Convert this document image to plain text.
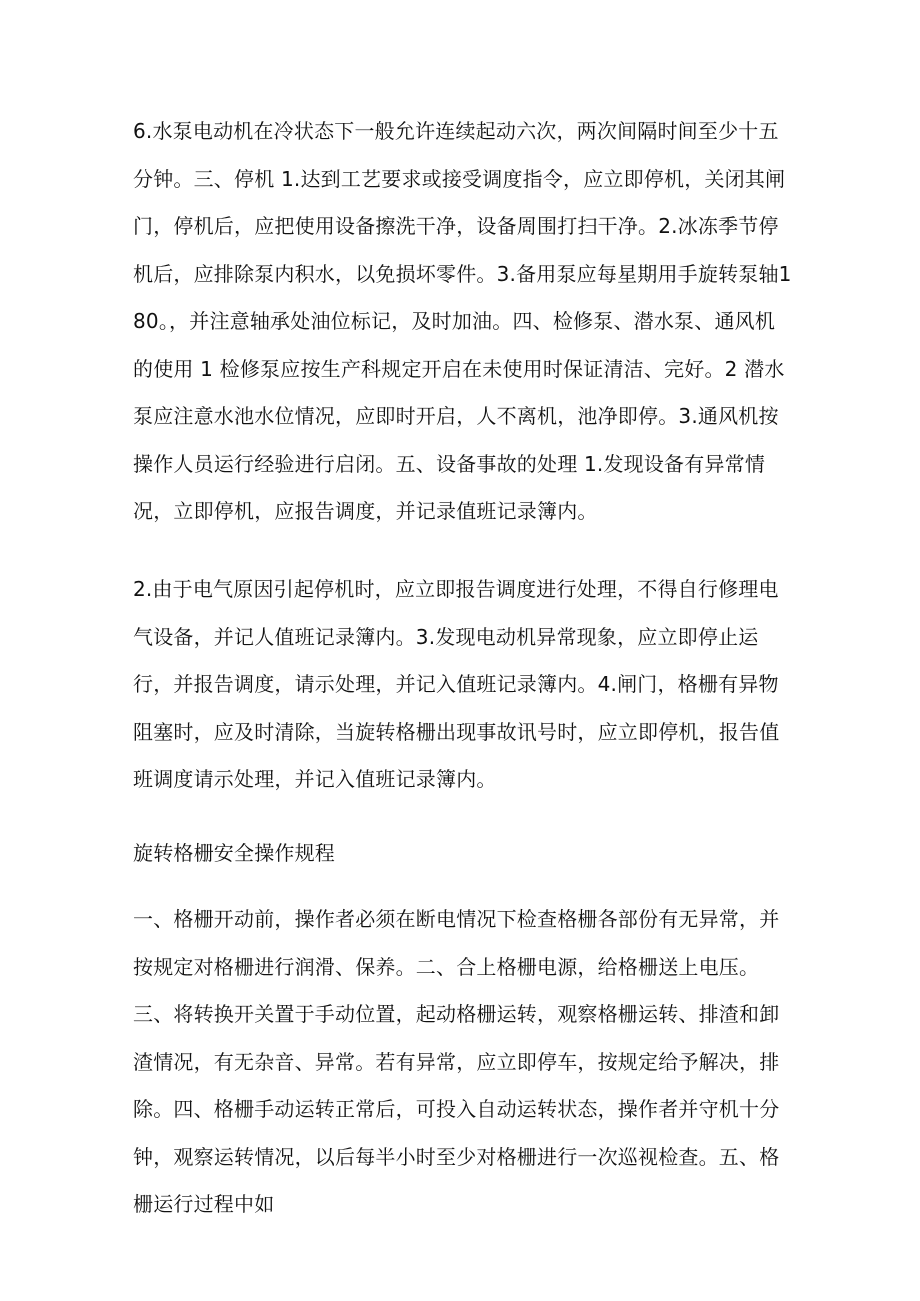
6.水泵电动机在冷状态下一般允许连续起动六次，两次间隔时间至少十五分钟。三、停机 1.达到工艺要求或接受调度指令，应立即停机，关闭其闸门，停机后，应把使用设备擦洗干净，设备周围打扫干净。2.冰冻季节停机后，应排除泵内积水，以免损坏零件。3.备用泵应每星期用手旋转泵轴180。，并注意轴承处油位标记，及时加油。四、检修泵、潜水泵、通风机的使用 1 检修泵应按生产科规定开启在未使用时保证清洁、完好。2 潜水泵应注意水池水位情况，应即时开启，人不离机，池净即停。3.通风机按操作人员运行经验进行启闭。五、设备事故的处理 1.发现设备有异常情况，立即停机，应报告调度，并记录值班记录簿内。
2.由于电气原因引起停机时，应立即报告调度进行处理，不得自行修理电气设备，并记人值班记录簿内。3.发现电动机异常现象，应立即停止运行，并报告调度，请示处理，并记入值班记录簿内。4.闸门，格栅有异物阻塞时，应及时清除，当旋转格栅出现事故讯号时，应立即停机，报告值班调度请示处理，并记入值班记录簿内。
旋转格栅安全操作规程
一、格栅开动前，操作者必须在断电情况下检查格栅各部份有无异常，并按规定对格栅进行润滑、保养。二、合上格栅电源，给格栅送上电压。三、将转换开关置于手动位置，起动格栅运转，观察格栅运转、排渣和卸渣情况，有无杂音、异常。若有异常，应立即停车，按规定给予解决，排除。四、格栅手动运转正常后，可投入自动运转状态，操作者并守机十分钟，观察运转情况，以后每半小时至少对格栅进行一次巡视检查。五、格栅运行过程中如
